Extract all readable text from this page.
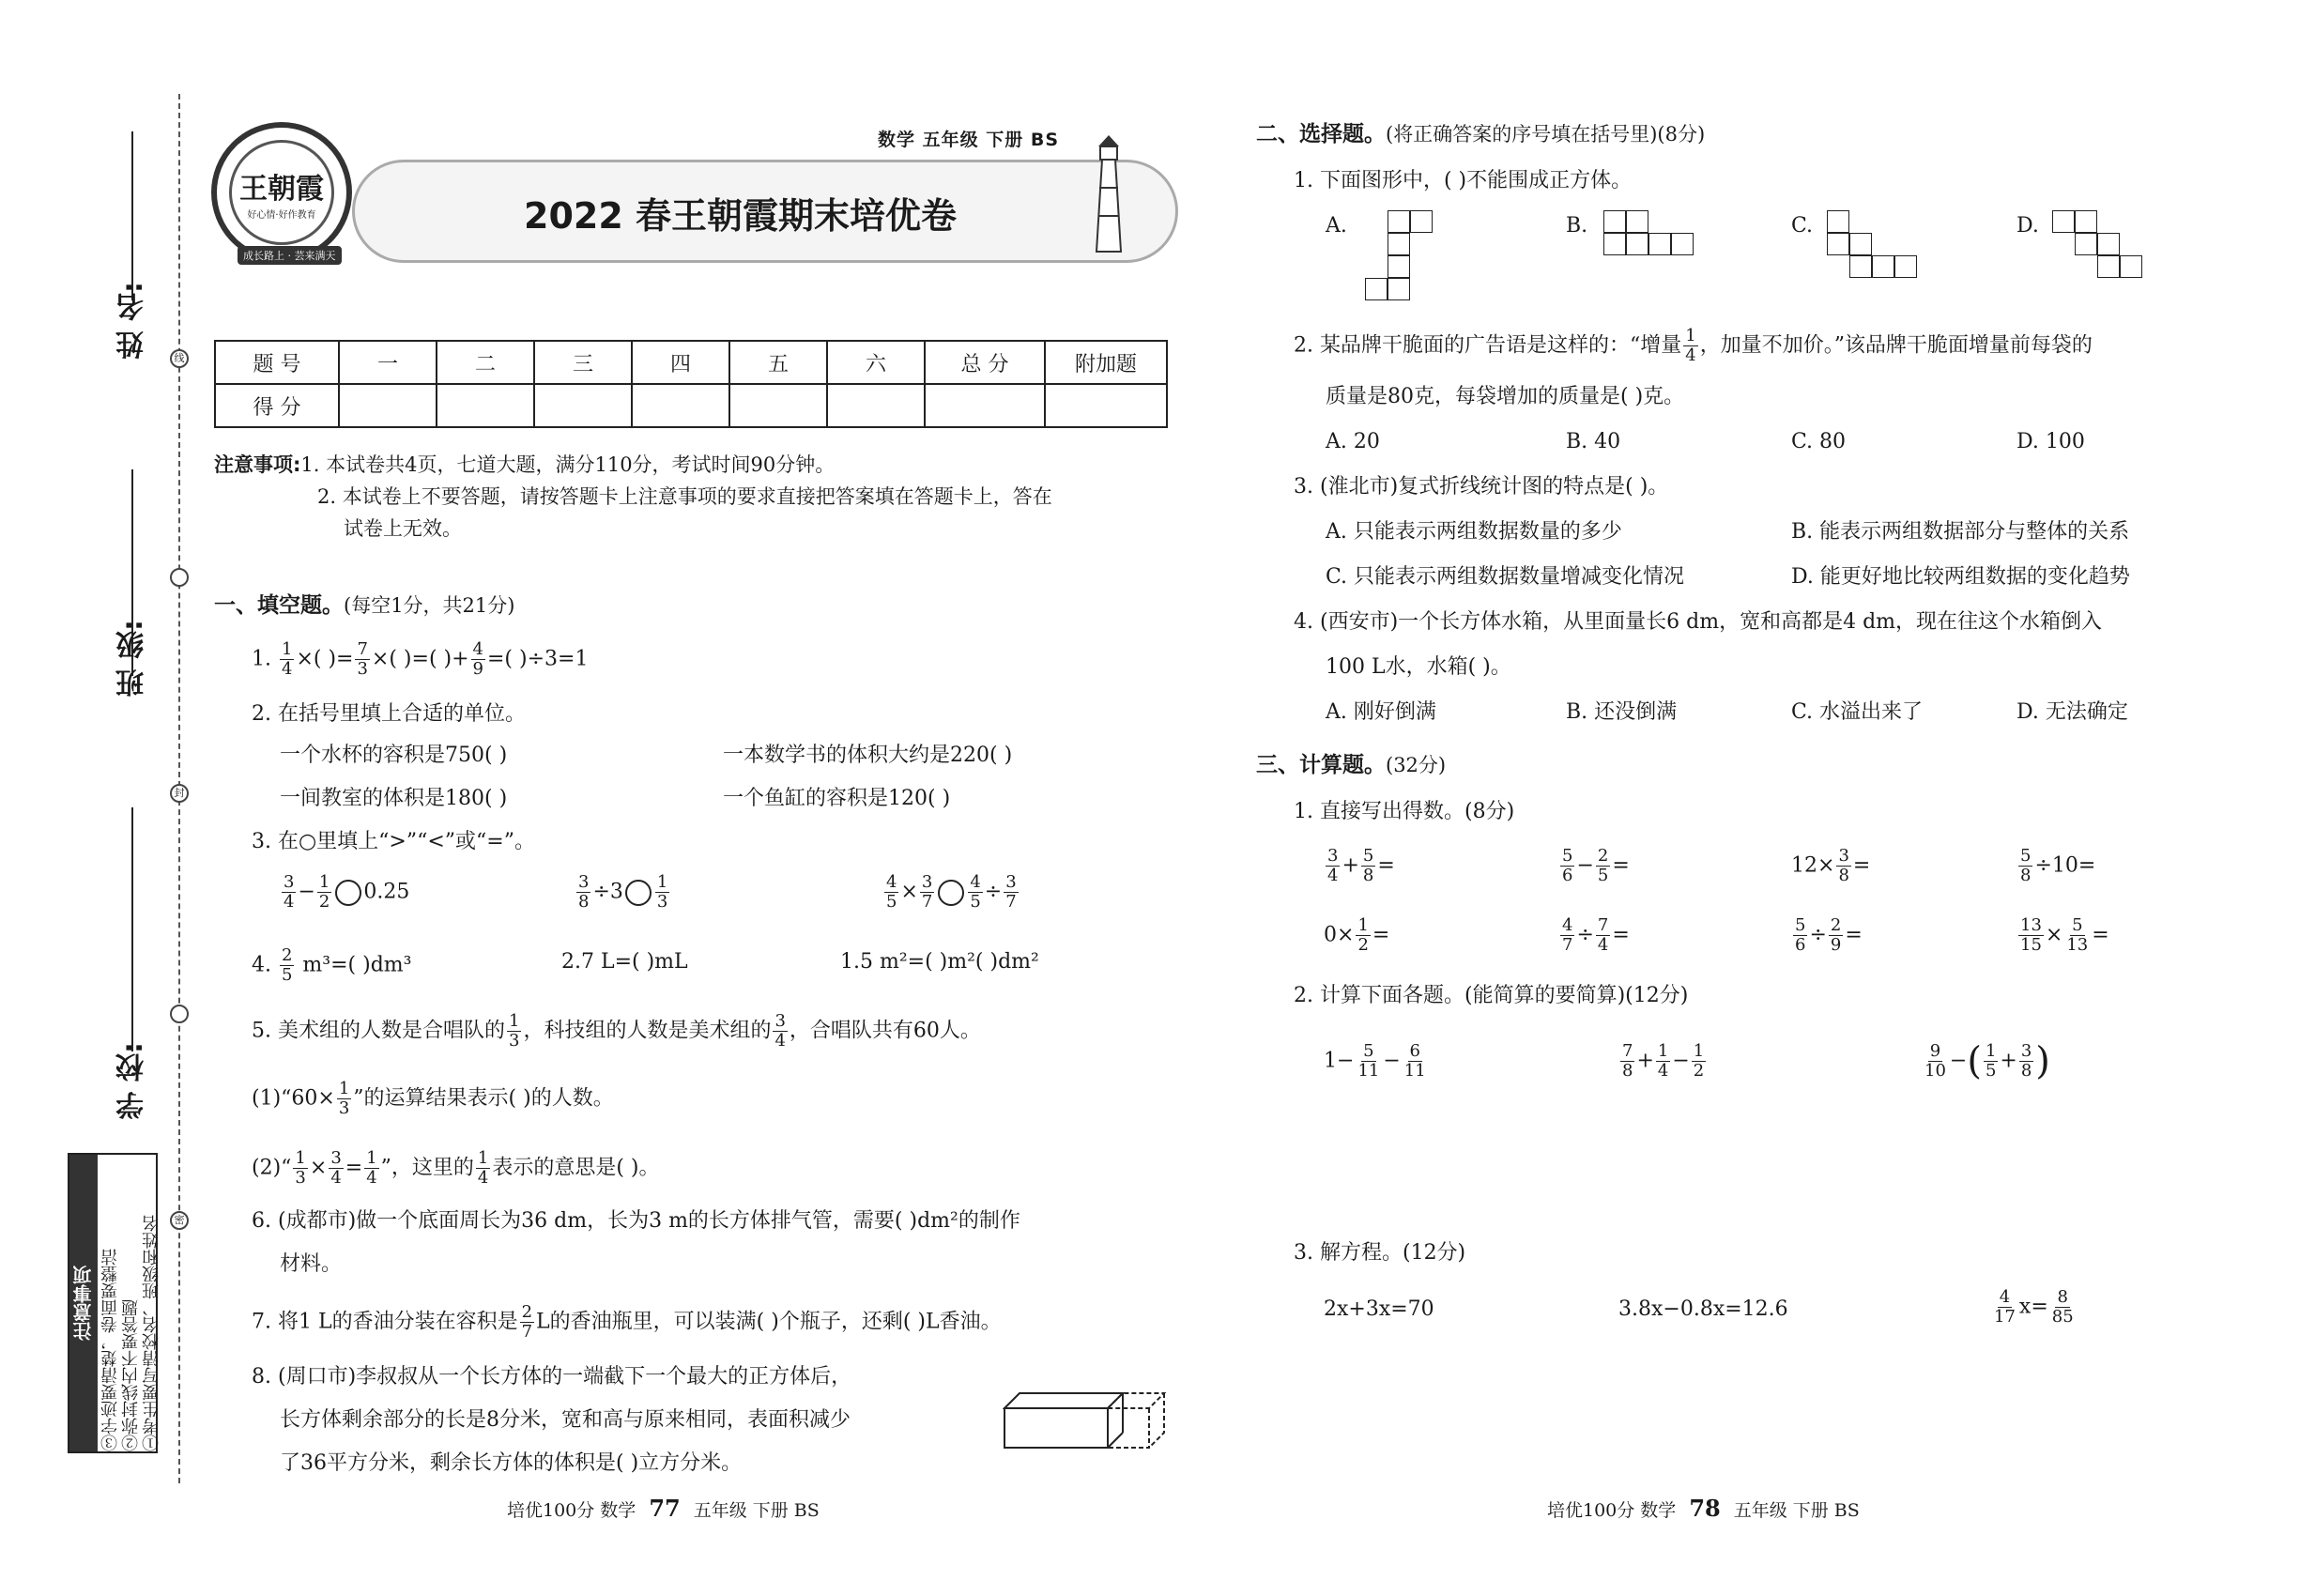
姓 名:
班 级:
学 校:
线
封
密
注意事项	①考生要写清校名、班级和姓名
②弥封线内不要答题
③字迹要清楚，卷面要整洁
2022 春王朝霞期末培优卷
王朝霞
好心情·好作教育
成长路上 · 芸来满天
数学 五年级 下册 BS
题 号	一	二	三	四	五	六	总 分	附加题
得 分								
注意事项:1. 本试卷共4页，七道大题，满分110分，考试时间90分钟。
2. 本试卷上不要答题，请按答题卡上注意事项的要求直接把答案填在答题卡上，答在
试卷上无效。
一、填空题。(每空1分，共21分)
1. $\frac{1}{4}$ ×( )= $\frac{7}{3}$ ×( )=( )+ $\frac{4}{9}$ =( )÷3=1
2. 在括号里填上合适的单位。
一个水杯的容积是750( )	一本数学书的体积大约是220( )
一间教室的体积是180( )	一个鱼缸的容积是120( )
3. 在○里填上“>”“<”或“=”。
$\frac{3}{4} - \frac{1}{2} 0.25$	$\frac{3}{8} \div 3 \frac{1}{3}$	$\frac{4}{5} \times \frac{3}{7} \frac{4}{5} \div \frac{3}{7}$
4. $\frac{2}{5} m^3=$( )dm³	2.7 L=( )mL	1.5 m²=( )m²( )dm²
5. 美术组的人数是合唱队的 $\frac{1}{3}$ ，科技组的人数是美术组的 $\frac{3}{4}$ ，合唱队共有60人。
(1)“60× $\frac{1}{3}$ ”的运算结果表示( )的人数。
(2)“ $\frac{1}{3} \times \frac{3}{4} = \frac{1}{4}$ ”，这里的 $\frac{1}{4}$ 表示的意思是( )。
6. (成都市)做一个底面周长为36 dm，长为3 m的长方体排气管，需要( )dm²的制作
材料。
7. 将1 L的香油分装在容积是 $\frac{2}{7}$ L的香油瓶里，可以装满( )个瓶子，还剩( )L香油。
8. (周口市)李叔叔从一个长方体的一端截下一个最大的正方体后，
长方体剩余部分的长是8分米，宽和高与原来相同，表面积减少
了36平方分米，剩余长方体的体积是( )立方分米。
培优100分 数学 77 五年级 下册 BS
二、选择题。(将正确答案的序号填在括号里)(8分)
1. 下面图形中，( )不能围成正方体。
A.	B.	C.	D.
2. 某品牌干脆面的广告语是这样的：“增量 $\frac{1}{4}$ ，加量不加价。”该品牌干脆面增量前每袋的
质量是80克，每袋增加的质量是( )克。
A. 20	B. 40	C. 80	D. 100
3. (淮北市)复式折线统计图的特点是( )。
A. 只能表示两组数据数量的多少	B. 能表示两组数据部分与整体的关系
C. 只能表示两组数据数量增减变化情况	D. 能更好地比较两组数据的变化趋势
4. (西安市)一个长方体水箱，从里面量长6 dm，宽和高都是4 dm，现在往这个水箱倒入
100 L水，水箱( )。
A. 刚好倒满	B. 还没倒满	C. 水溢出来了	D. 无法确定
三、计算题。(32分)
1. 直接写出得数。(8分)
$\frac{3}{4} + \frac{5}{8}$ =	$\frac{5}{6} - \frac{2}{5}$ =	$12\times \frac{3}{8}$ =	$\frac{5}{8} \div 10=$
$0\times \frac{1}{2}$ =	$\frac{4}{7} \div \frac{7}{4}$ =	$\frac{5}{6} \div \frac{2}{9}$ =	$\frac{13}{15} \times \frac{5}{13}$ =
2. 计算下面各题。(能简算的要简算)(12分)
$1- \frac{5}{11} - \frac{6}{11}$	$\frac{7}{8} + \frac{1}{4} - \frac{1}{2}$	$\frac{9}{10}$ −( $\frac{1}{5} + \frac{3}{8}$ )
3. 解方程。(12分)
2x+3x=70	3.8x−0.8x=12.6	$\frac{4}{17} x= \frac{8}{85}$
培优100分 数学 78 五年级 下册 BS
